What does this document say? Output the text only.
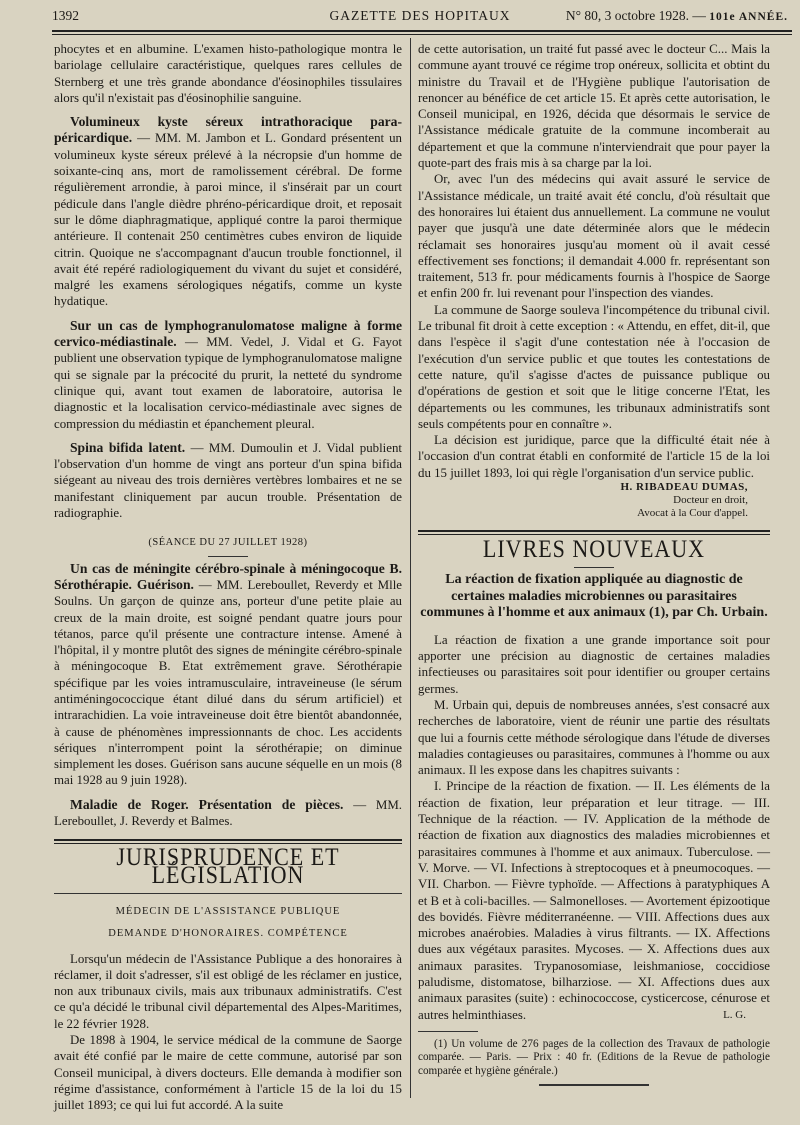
1392	GAZETTE DES HOPITAUX	N° 80, 3 octobre 1928. — 101e ANNÉE.

phocytes et en albumine. L'examen histo-pathologique montra le bariolage cellulaire caractéristique, quelques rares cellules de Sternberg et une très grande abondance d'éosinophiles tissulaires alors qu'il n'existait pas d'éosinophilie sanguine.

Volumineux kyste séreux intrathoracique para-péricardique. — MM. M. Jambon et L. Gondard présentent un volumineux kyste séreux prélevé à la nécropsie d'un homme de soixante-cinq ans, mort de ramolissement cérébral. De forme régulièrement arrondie, à paroi mince, il s'insérait par un court pédicule dans l'angle dièdre phréno-péricardique droit, et reposait sur le dôme diaphragmatique, appliqué contre la paroi thermique antérieure. Il contenait 250 centimètres cubes environ de liquide citrin. Quoique ne s'accompagnant d'aucun trouble fonctionnel, il avait été repéré radiologiquement du vivant du sujet et considéré, malgré les examens sérologiques négatifs, comme un kyste hydatique.

Sur un cas de lymphogranulomatose maligne à forme cervico-médiastinale. — MM. Vedel, J. Vidal et G. Fayot publient une observation typique de lymphogranulomatose maligne qui se signale par la précocité du prurit, la netteté du syndrome clinique qui, avant tout examen de laboratoire, autorisa le diagnostic et la localisation cervico-médiastinale avec signes de compression du médiastin et épanchement pleural.

Spina bifida latent. — MM. Dumoulin et J. Vidal publient l'observation d'un homme de vingt ans porteur d'un spina bifida siégeant au niveau des trois dernières vertèbres lombaires et ne se manifestant cliniquement par aucun trouble. Présentation de radiographie.

(SÉANCE DU 27 JUILLET 1928)

Un cas de méningite cérébro-spinale à méningocoque B. Sérothérapie. Guérison. — MM. Lereboullet, Reverdy et Mlle Soulns. Un garçon de quinze ans, porteur d'une petite plaie au creux de la main droite, est soigné pendant quatre jours pour tétanos, parce qu'il présente une contracture intense. Amené à l'hôpital, il y montre plutôt des signes de méningite cérébro-spinale à méningocoque B. Etat extrêmement grave. Sérothérapie spécifique par les voies intramusculaire, intraveineuse (le sérum antiméningococcique étant dilué dans du sérum artificiel) et intrarachidien. La voie intraveineuse doit être bientôt abandonnée, à cause de phénomènes impressionnants de choc. Les accidents sériques n'interrompent point la sérothérapie; on diminue simplement les doses. Guérison sans aucune séquelle en un mois (8 mai 1928 au 9 juin 1928).

Maladie de Roger. Présentation de pièces. — MM. Lereboullet, J. Reverdy et Balmes.

JURISPRUDENCE ET LÉGISLATION
MÉDECIN DE L'ASSISTANCE PUBLIQUE
DEMANDE D'HONORAIRES. COMPÉTENCE

Lorsqu'un médecin de l'Assistance Publique a des honoraires à réclamer, il doit s'adresser, s'il est obligé de les réclamer en justice, non aux tribunaux civils, mais aux tribunaux administratifs. C'est ce qu'a décidé le tribunal civil départemental des Alpes-Maritimes, le 22 février 1928.

De 1898 à 1904, le service médical de la commune de Saorge avait été confié par le maire de cette commune, autorisé par son Conseil municipal, à divers docteurs. Elle demanda à modifier son régime d'assistance, conformément à l'article 15 de la loi du 15 juillet 1893; ce qui lui fut accordé. A la suite

de cette autorisation, un traité fut passé avec le docteur C... Mais la commune ayant trouvé ce régime trop onéreux, sollicita et obtint du ministre du Travail et de l'Hygiène publique l'autorisation de renoncer au bénéfice de cet article 15. Et après cette autorisation, le Conseil municipal, en 1926, décida que désormais le service de l'Assistance médicale gratuite de la commune incomberait au département et que la commune n'interviendrait que pour payer la quote-part des frais mis à sa charge par la loi.

Or, avec l'un des médecins qui avait assuré le service de l'Assistance médicale, un traité avait été conclu, d'où résultait que des honoraires lui étaient dus annuellement. La commune ne voulut payer que jusqu'à une date déterminée alors que le médecin réclamait ses honoraires jusqu'au moment où il avait cessé effectivement ses fonctions; il demandait 4.000 fr. représentant son traitement, 513 fr. pour médicaments fournis à l'hospice de Saorge et enfin 200 fr. lui revenant pour l'inspection des viandes.

La commune de Saorge souleva l'incompétence du tribunal civil. Le tribunal fit droit à cette exception : « Attendu, en effet, dit-il, que dans l'espèce il s'agit d'une contestation née à l'occasion de l'exécution d'un service public et que toutes les contestations de cette nature, qu'il s'agisse d'actes de puissance publique ou d'opérations de gestion et soit que le litige concerne l'Etat, les départements ou les communes, les tribunaux administratifs sont seuls compétents pour en connaître ».

La décision est juridique, parce que la difficulté était née à l'occasion d'un contrat établi en conformité de l'article 15 de la loi du 15 juillet 1893, loi qui règle l'organisation d'un service public.

H. RIBADEAU DUMAS,
Docteur en droit,
Avocat à la Cour d'appel.
LIVRES NOUVEAUX

La réaction de fixation appliquée au diagnostic de certaines maladies microbiennes ou parasitaires communes à l'homme et aux animaux (1), par Ch. Urbain.

La réaction de fixation a une grande importance soit pour apporter une précision au diagnostic de certaines maladies infectieuses ou parasitaires soit pour identifier ou grouper certains germes.

M. Urbain qui, depuis de nombreuses années, s'est consacré aux recherches de laboratoire, vient de réunir une partie des résultats que lui a fournis cette méthode sérologique dans l'étude de diverses maladies contagieuses ou parasitaires, communes à l'homme ou aux animaux. Il les expose dans les chapitres suivants :

I. Principe de la réaction de fixation. — II. Les éléments de la réaction de fixation, leur préparation et leur titrage. — III. Technique de la réaction. — IV. Application de la méthode de réaction de fixation aux diagnostics des maladies microbiennes et parasitaires communes à l'homme et aux animaux. Tuberculose. — V. Morve. — VI. Infections à streptocoques et à pneumocoques. — VII. Charbon. — Fièvre typhoïde. — Affections à paratyphiques A et B et à coli-bacilles. — Salmonelloses. — Avortement épizootique des bovidés. Fièvre méditerranéenne. — VIII. Affections dues aux microbes anaérobies. Maladies à virus filtrants. — IX. Affections dues aux végétaux parasites. Mycoses. — X. Affections dues aux animaux parasites. Trypanosomiase, leishmaniose, coccidiose paludisme, distomatose, bilharziose. — XI. Affections dues aux animaux parasites (suite) : echinococcose, cysticercose, cénurose et autres helminthiases.	L. G.

(1) Un volume de 276 pages de la collection des Travaux de pathologie comparée. — Paris. — Prix : 40 fr. (Editions de la Revue de pathologie comparée et hygiène générale.)
